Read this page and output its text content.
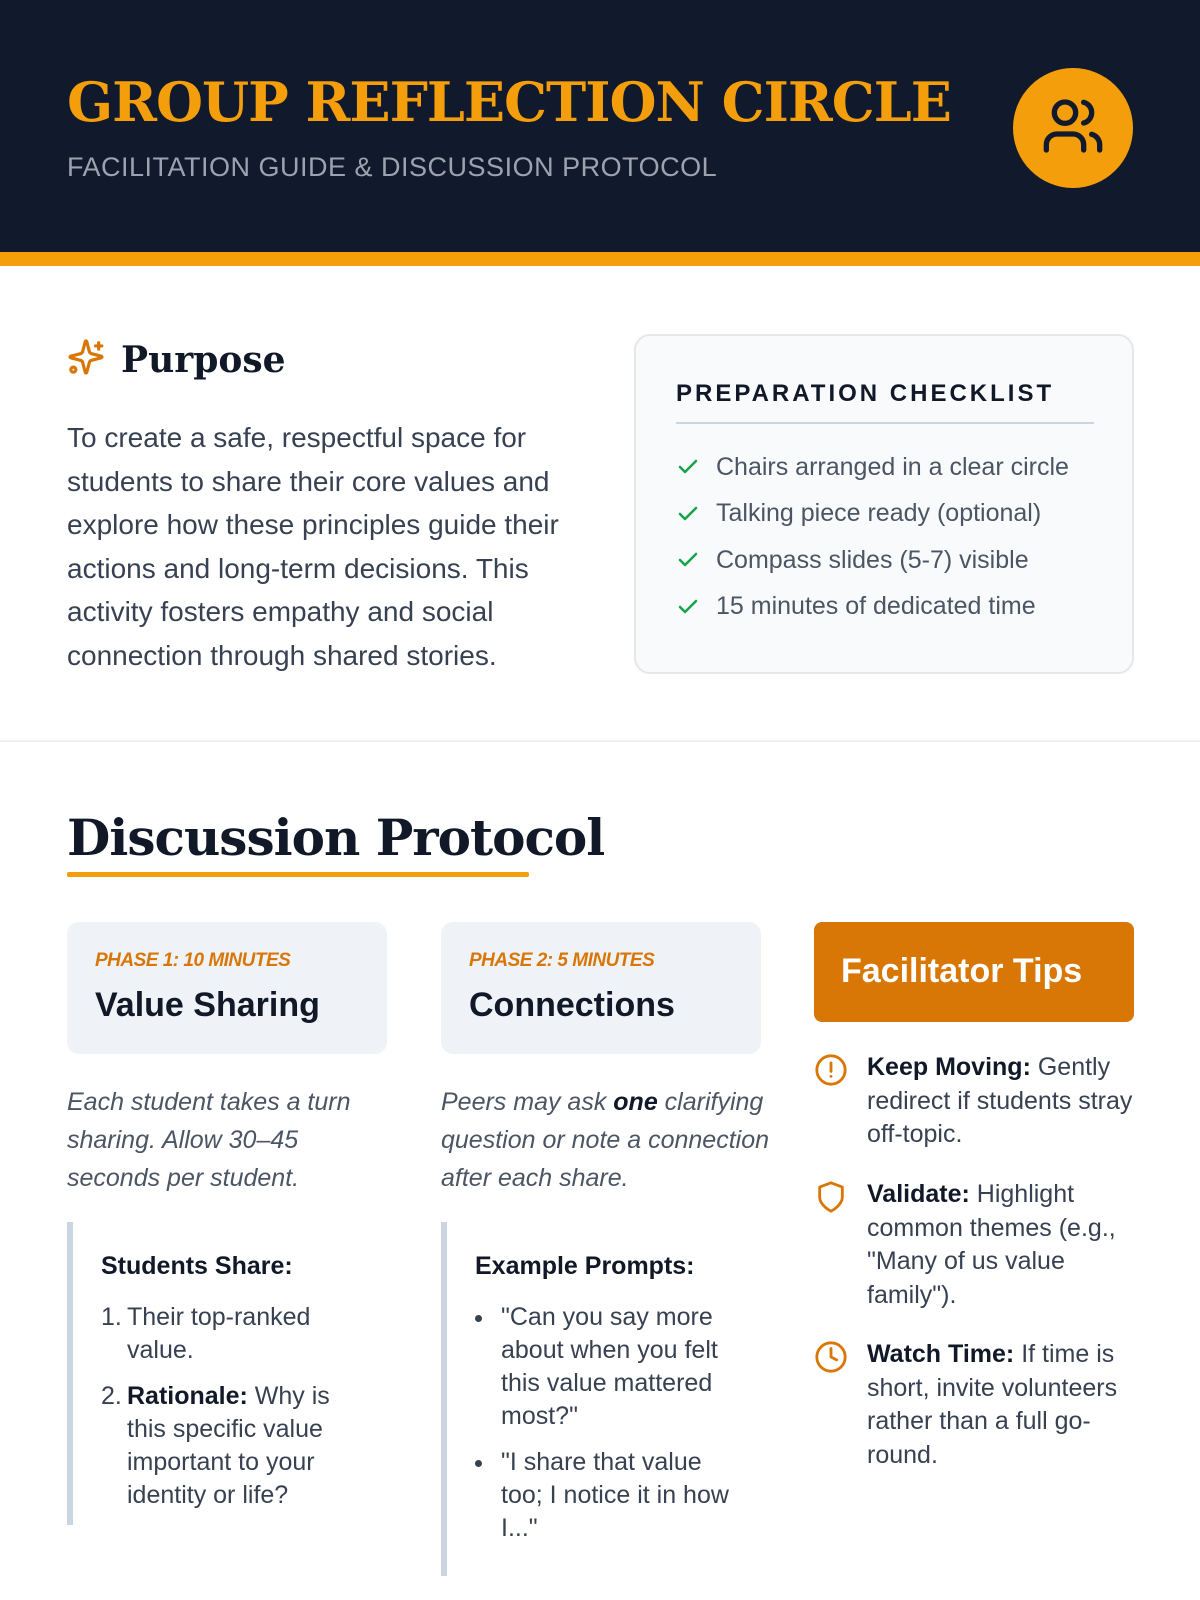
GROUP REFLECTION CIRCLE
FACILITATION GUIDE & DISCUSSION PROTOCOL
Purpose

To create a safe, respectful space for students to share their core values and explore how these principles guide their actions and long-term decisions. This activity fosters empathy and social connection through shared stories.

PREPARATION CHECKLIST
Chairs arranged in a clear circle
Talking piece ready (optional)
Compass slides (5-7) visible
15 minutes of dedicated time
Discussion Protocol
PHASE 1: 10 MINUTES
Value Sharing

Each student takes a turn sharing. Allow 30–45 seconds per student.

Students Share:
1. Their top-ranked value.
2. Rationale: Why is this specific value important to your identity or life?
PHASE 2: 5 MINUTES
Connections

Peers may ask one clarifying question or note a connection after each share.

Example Prompts:
"Can you say more about when you felt this value mattered most?"
"I share that value too; I notice it in how I..."
Facilitator Tips
Keep Moving: Gently redirect if students stray off-topic.
Validate: Highlight common themes (e.g., "Many of us value family").
Watch Time: If time is short, invite volunteers rather than a full go-round.
